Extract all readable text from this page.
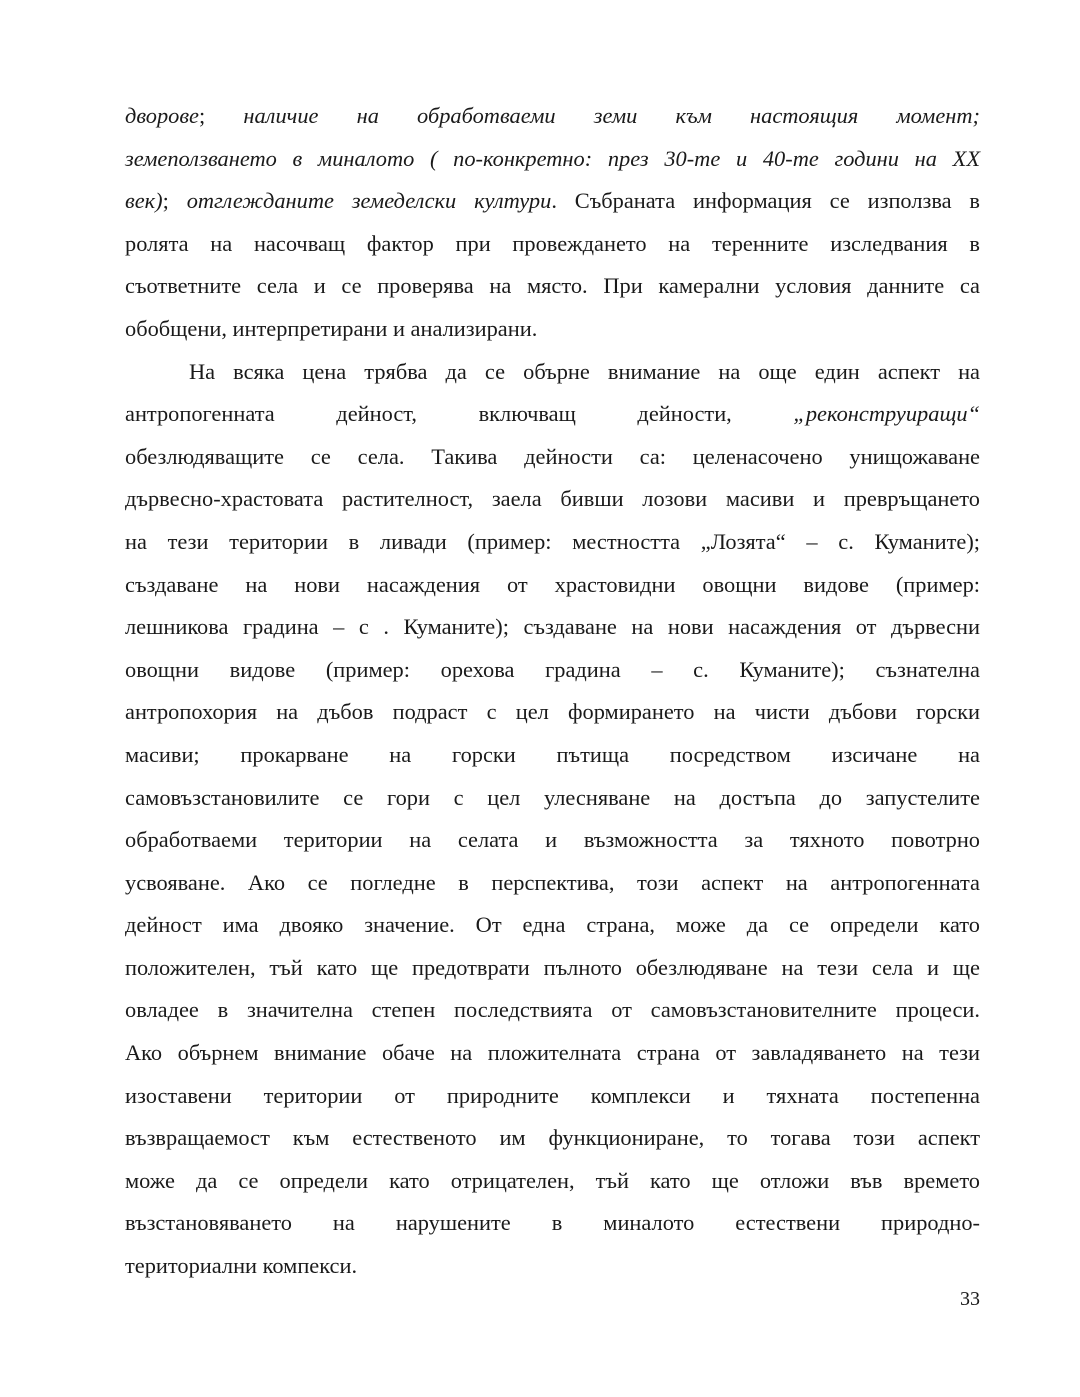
дворове; наличие на обработваеми земи към настоящия момент;
земеползването в миналото ( по-конкретно: през 30-те и 40-те години на ХХ
век); отглежданите земеделски култури. Събраната информация се използва в
ролята на насочващ фактор при провеждането на теренните изследвания в
съответните села и се проверява на място. При камерални условия данните са
обобщени, интерпретирани и анализирани.
На всяка цена трябва да се обърне внимание на още един аспект на
антропогенната дейност, включващ дейности, „реконструиращи“
обезлюдяващите се села. Такива дейности са: целенасочено унищожаване
дървесно-храстовата растителност, заела бивши лозови масиви и превръщането
на тези територии в ливади (пример: местността „Лозята“ – с. Куманите);
създаване на нови насаждения от храстовидни овощни видове (пример:
лешникова градина – с . Куманите); създаване на нови насаждения от дървесни
овощни видове (пример: орехова градина – с. Куманите); съзнателна
антропохория на дъбов подраст с цел формирането на чисти дъбови горски
масиви; прокарване на горски пътища посредством изсичане на
самовъзстановилите се гори с цел улесняване на достъпа до запустелите
обработваеми територии на селата и възможността за тяхното повотрно
усвояване. Ако се погледне в перспектива, този аспект на антропогенната
дейност има двояко значение. От една страна, може да се определи като
положителен, тъй като ще предотврати пълното обезлюдяване на тези села и ще
овладее в значителна степен последствията от самовъзстановителните процеси.
Ако обърнем внимание обаче на пложителната страна от завладяването на тези
изоставени територии от природните комплекси и тяхната постепенна
възвращаемост към естественото им функциониране, то тогава този аспект
може да се определи като отрицателен, тъй като ще отложи във времето
възстановяването на нарушените в миналото естествени природно-
териториални компекси.
33
